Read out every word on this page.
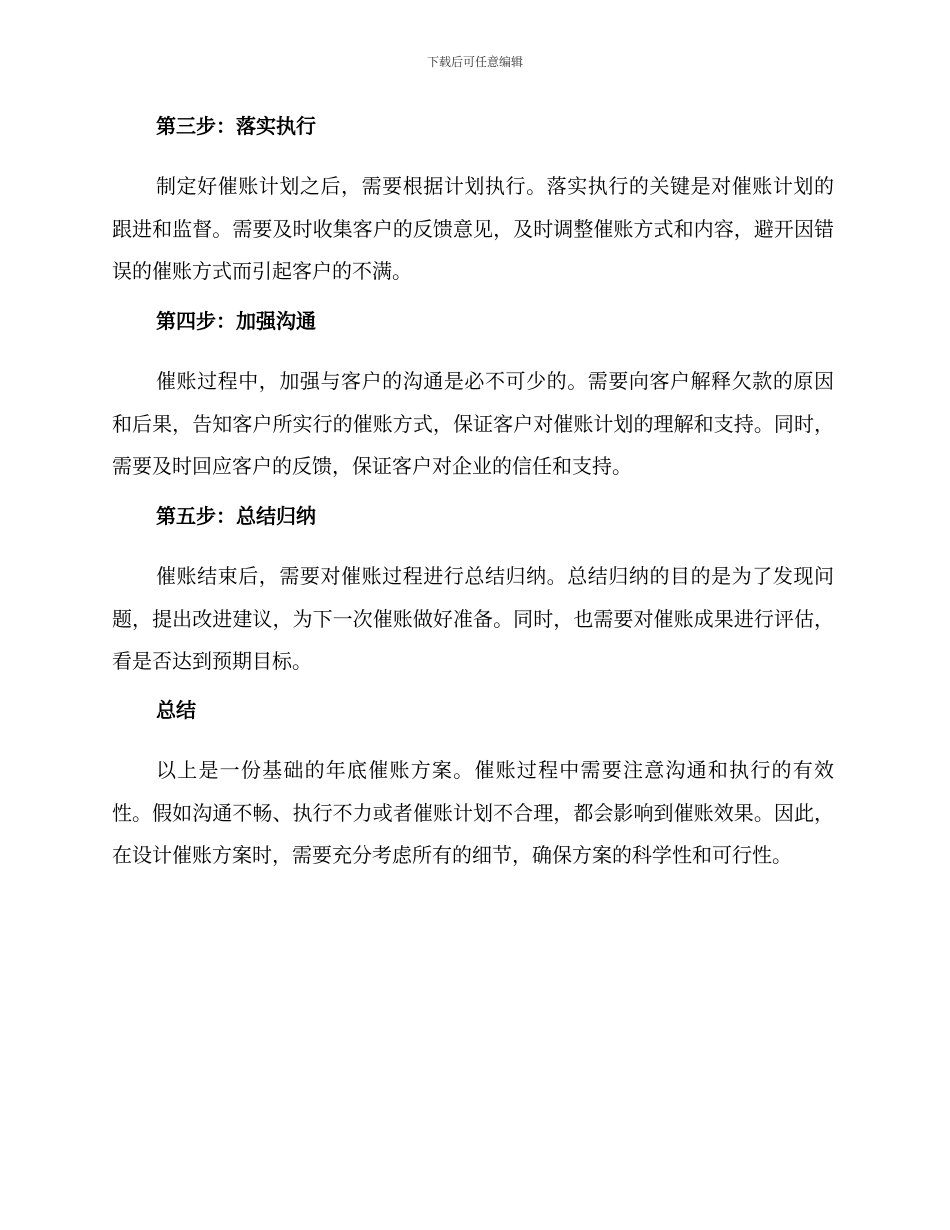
下载后可任意编辑

第三步：落实执行

制定好催账计划之后，需要根据计划执行。落实执行的关键是对催账计划的跟进和监督。需要及时收集客户的反馈意见，及时调整催账方式和内容，避开因错误的催账方式而引起客户的不满。

第四步：加强沟通

催账过程中，加强与客户的沟通是必不可少的。需要向客户解释欠款的原因和后果，告知客户所实行的催账方式，保证客户对催账计划的理解和支持。同时，需要及时回应客户的反馈，保证客户对企业的信任和支持。

第五步：总结归纳

催账结束后，需要对催账过程进行总结归纳。总结归纳的目的是为了发现问题，提出改进建议，为下一次催账做好准备。同时，也需要对催账成果进行评估，看是否达到预期目标。

总结

以上是一份基础的年底催账方案。催账过程中需要注意沟通和执行的有效性。假如沟通不畅、执行不力或者催账计划不合理，都会影响到催账效果。因此，在设计催账方案时，需要充分考虑所有的细节，确保方案的科学性和可行性。
